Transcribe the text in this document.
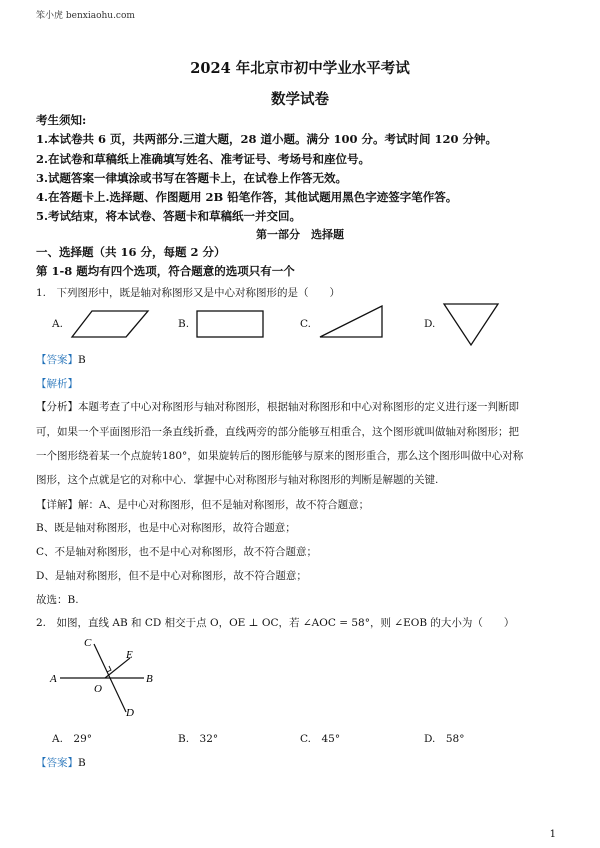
笨小虎 benxiaohu.com
2024 年北京市初中学业水平考试
数学试卷
考生须知:
1.本试卷共 6 页，共两部分.三道大题，28 道小题。满分 100 分。考试时间 120 分钟。
2.在试卷和草稿纸上准确填写姓名、准考证号、考场号和座位号。
3.试题答案一律填涂或书写在答题卡上，在试卷上作答无效。
4.在答题卡上.选择题、作图题用 2B 铅笔作答，其他试题用黑色字迹签字笔作答。
5.考试结束，将本试卷、答题卡和草稿纸一并交回。
第一部分　选择题
一、选择题（共 16 分，每题 2 分）
第 1-8 题均有四个选项，符合题意的选项只有一个
1.　下列图形中，既是轴对称图形又是中心对称图形的是（　　）
A.	B.	C.	D.
【答案】B
【解析】
【分析】本题考查了中心对称图形与轴对称图形，根据轴对称图形和中心对称图形的定义进行逐一判断即
可，如果一个平面图形沿一条直线折叠，直线两旁的部分能够互相重合，这个图形就叫做轴对称图形；把
一个图形绕着某一个点旋转180°，如果旋转后的图形能够与原来的图形重合，那么这个图形叫做中心对称
图形，这个点就是它的对称中心．掌握中心对称图形与轴对称图形的判断是解题的关键.
【详解】解：A、是中心对称图形，但不是轴对称图形，故不符合题意；
B、既是轴对称图形，也是中心对称图形，故符合题意；
C、不是轴对称图形，也不是中心对称图形，故不符合题意；
D、是轴对称图形，但不是中心对称图形，故不符合题意；
故选：B.
2.　如图，直线 AB 和 CD 相交于点 O，OE ⊥ OC，若 ∠AOC = 58°，则 ∠EOB 的大小为（　　）
C
E
A	B
O
D
A.　29°	B.　32°	C.　45°	D.　58°
【答案】B
1
